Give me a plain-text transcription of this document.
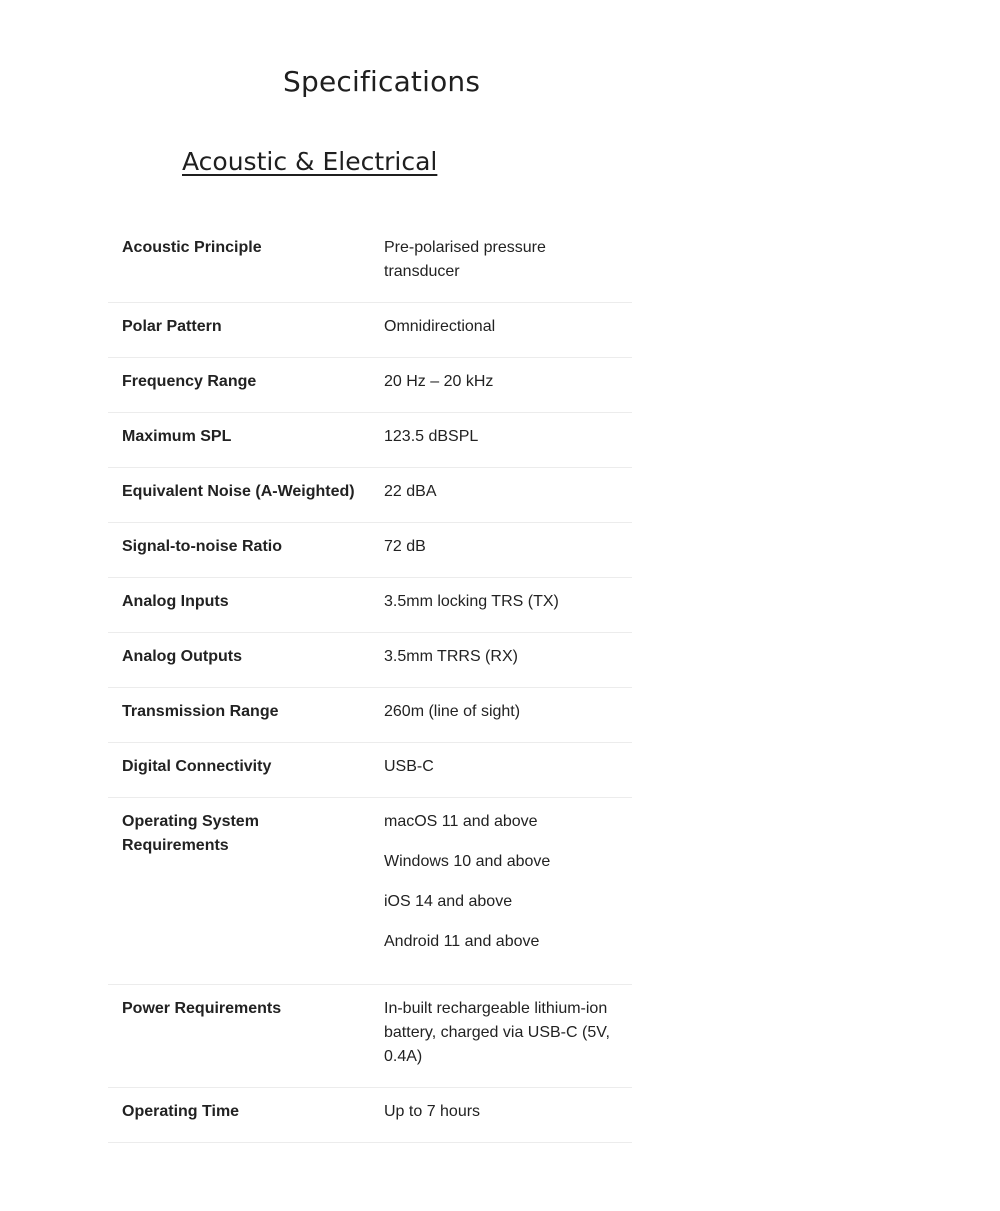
Specifications
Acoustic & Electrical
Acoustic Principle	Pre-polarised pressure transducer
Polar Pattern	Omnidirectional
Frequency Range	20 Hz – 20 kHz
Maximum SPL	123.5 dBSPL
Equivalent Noise (A-Weighted)	22 dBA
Signal-to-noise Ratio	72 dB
Analog Inputs	3.5mm locking TRS (TX)
Analog Outputs	3.5mm TRRS (RX)
Transmission Range	260m (line of sight)
Digital Connectivity	USB-C
Operating System Requirements	macOS 11 and above
Windows 10 and above
iOS 14 and above
Android 11 and above

Power Requirements	In-built rechargeable lithium-ion battery, charged via USB-C (5V, 0.4A)
Operating Time	Up to 7 hours
